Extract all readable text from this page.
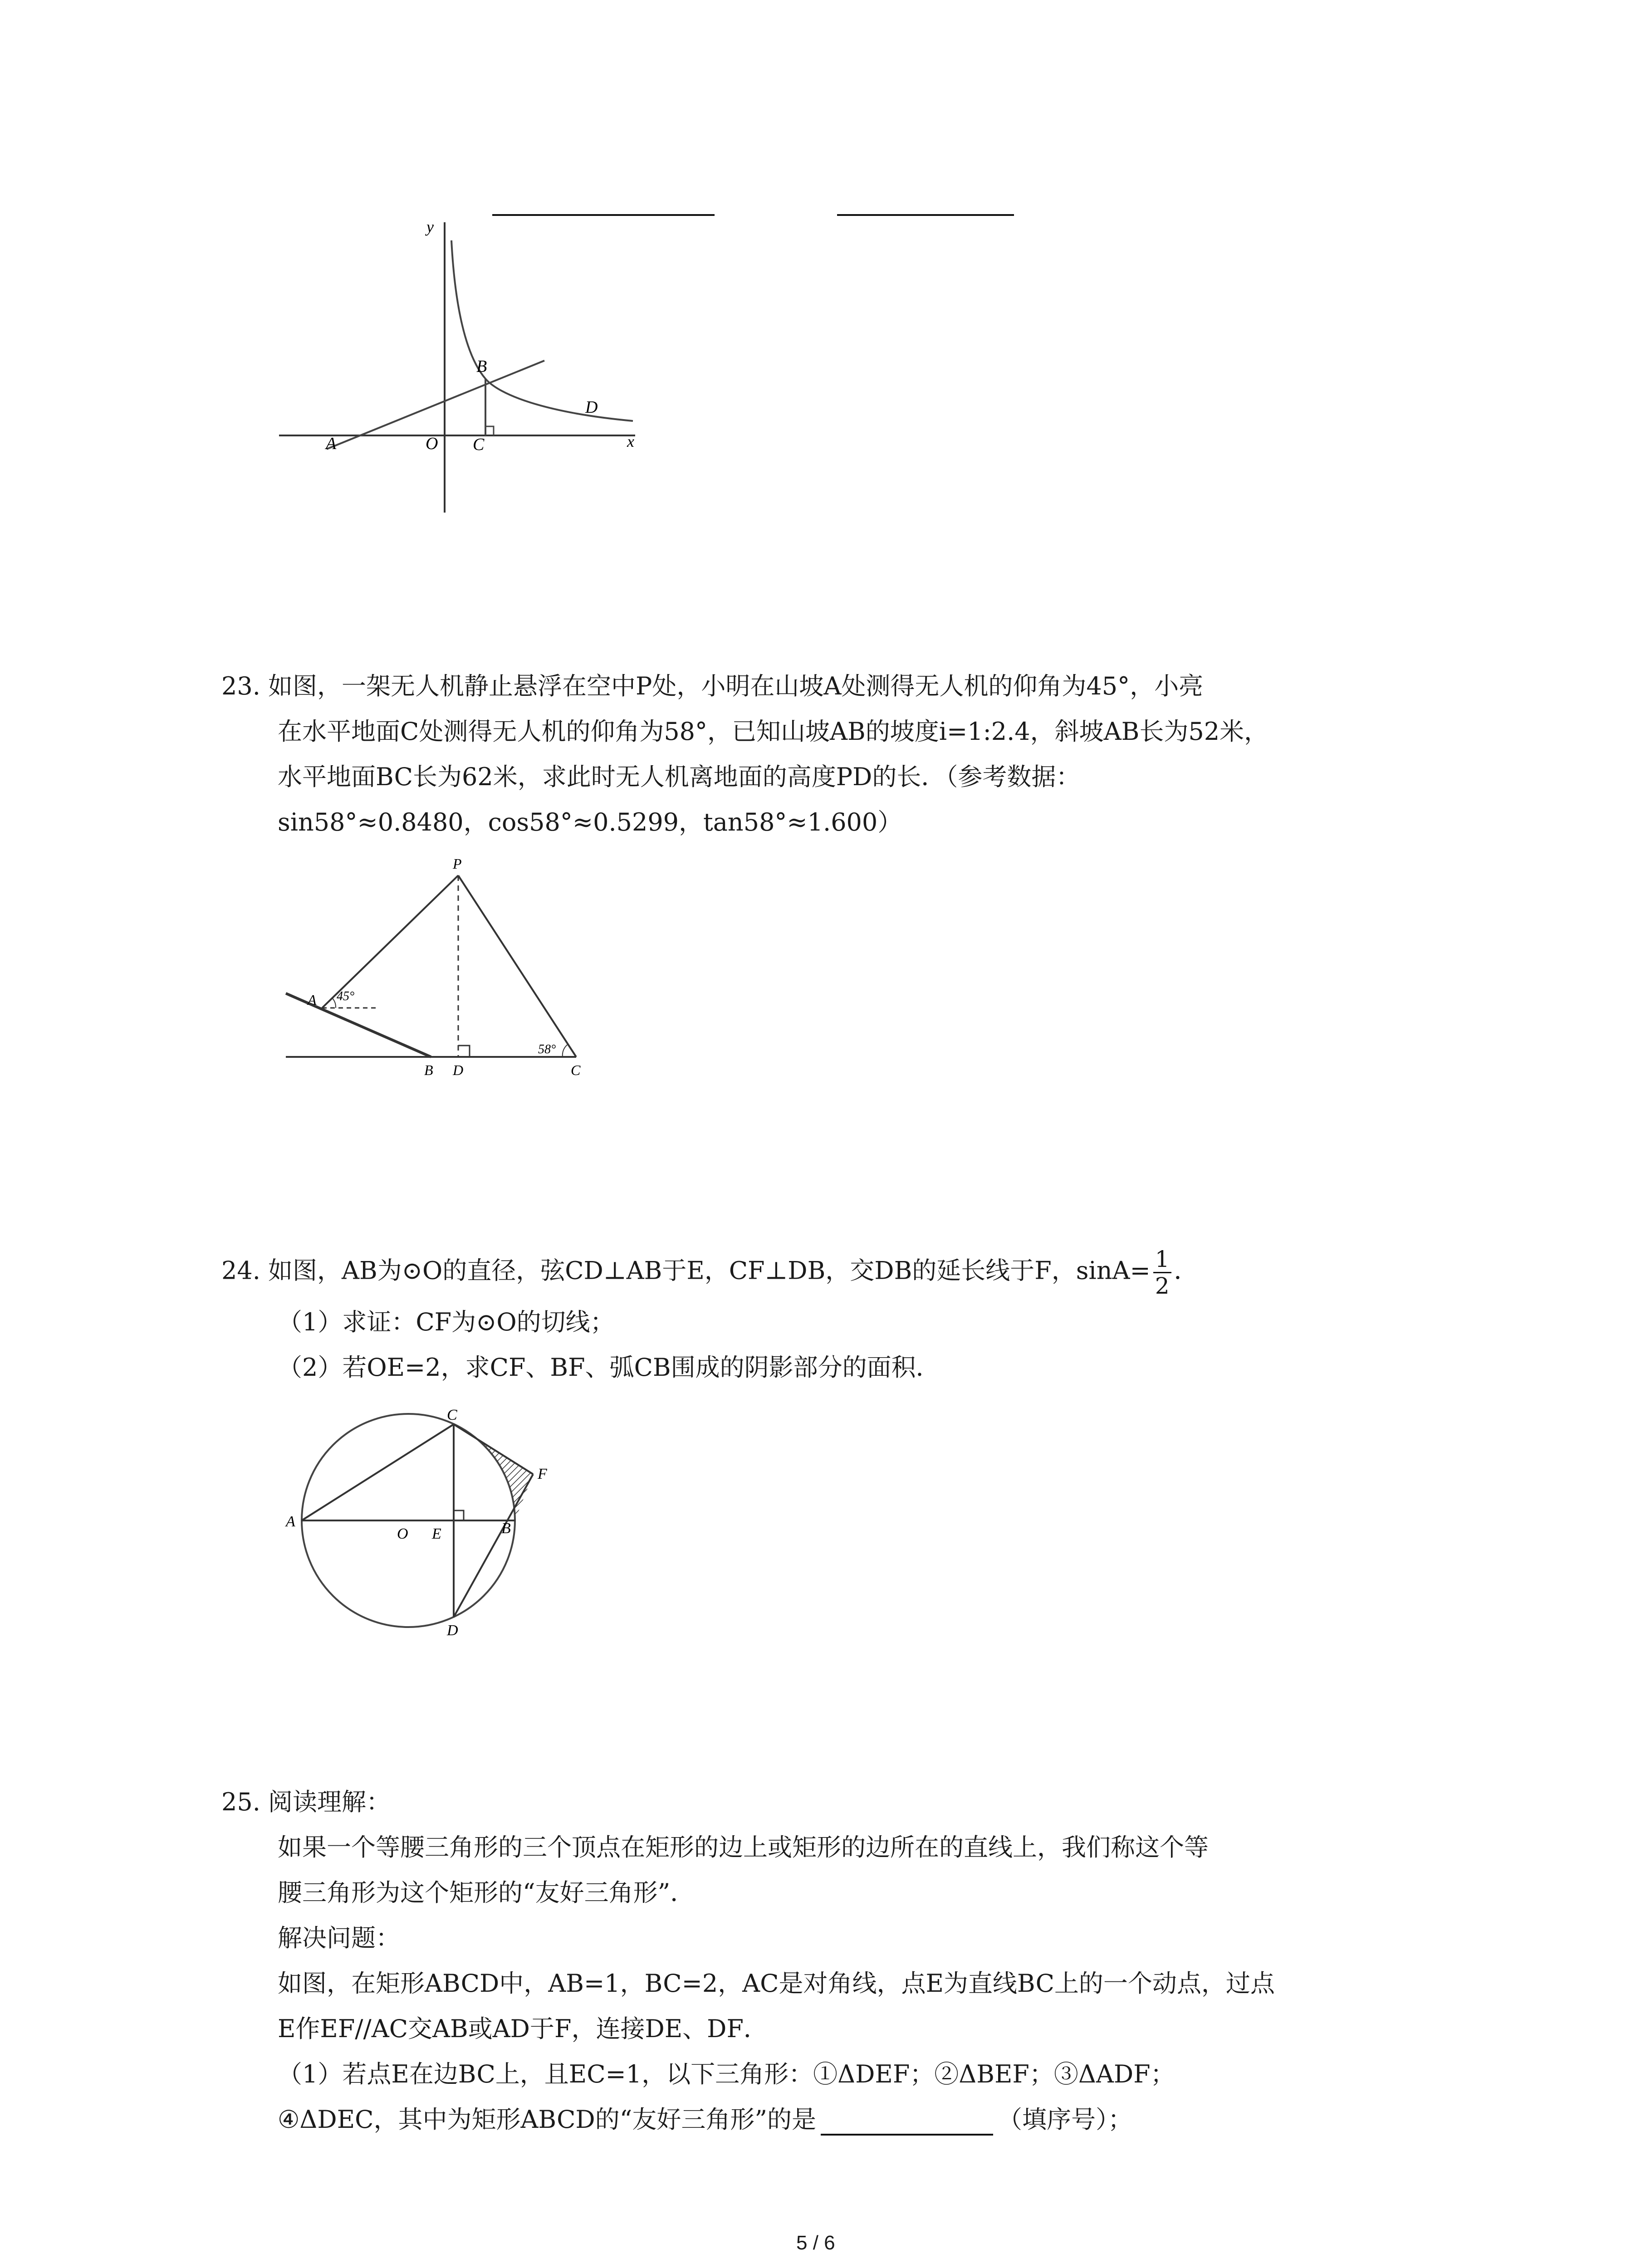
y
x
A	O C
B
D
23. 如图，一架无人机静止悬浮在空中P处，小明在山坡A处测得无人机的仰角为45°，小亮
在水平地面C处测得无人机的仰角为58°，已知山坡AB的坡度i=1:2.4，斜坡AB长为52米，
水平地面BC长为62米，求此时无人机离地面的高度PD的长．（参考数据：
sin58°≈0.8480，cos58°≈0.5299，tan58°≈1.600）
P
A 45°
58°
B D	C
24. 如图，AB为⊙O的直径，弦CD⊥AB于E，CF⊥DB，交DB的延长线于F，$\sin A= \frac{1}{2}$ ．
（1）求证：CF为⊙O的切线；
（2）若OE=2，求CF、BF、弧CB围成的阴影部分的面积．
A
O E	B
C
D
F
25. 阅读理解：
如果一个等腰三角形的三个顶点在矩形的边上或矩形的边所在的直线上，我们称这个等
腰三角形为这个矩形的“友好三角形”．
解决问题：
如图，在矩形ABCD中，AB=1，BC=2，AC是对角线，点E为直线BC上的一个动点，过点
E作EF//AC交AB或AD于F，连接DE、DF．
（1）若点E在边BC上，且EC=1，以下三角形：①ΔDEF；②ΔBEF；③ΔADF；
④ΔDEC，其中为矩形ABCD的“友好三角形”的是	（填序号）；
5 / 6
